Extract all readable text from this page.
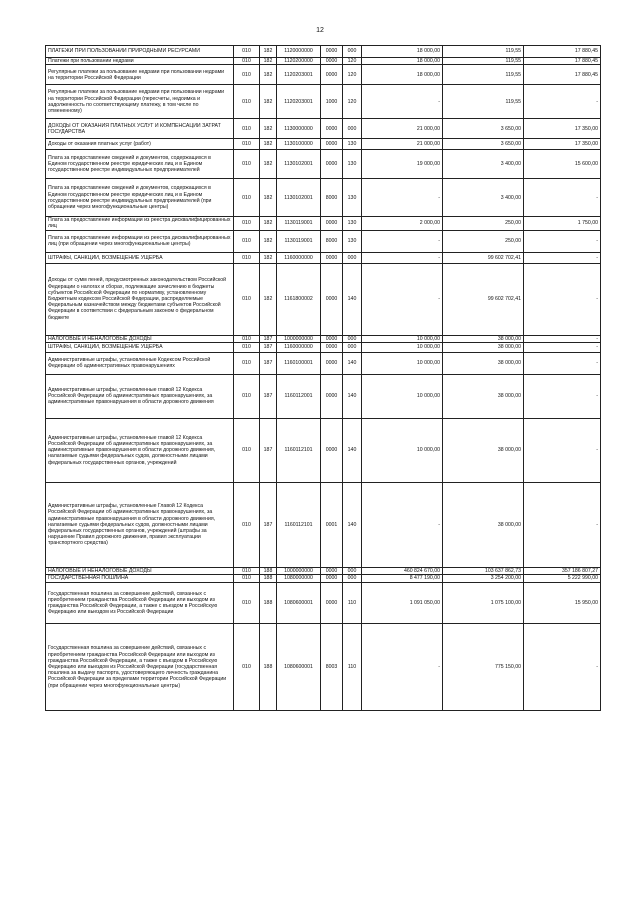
12
ПЛАТЕЖИ ПРИ ПОЛЬЗОВАНИИ ПРИРОДНЫМИ РЕСУРСАМИ	010	182	1120000000	0000	000	18 000,00	119,55	17 880,45
Платежи при пользовании недрами	010	182	1120200000	0000	120	18 000,00	119,55	17 880,45
Регулярные платежи за пользование недрами при пользовании недрами на территории Российской Федерации	010	182	1120203001	0000	120	18 000,00	119,55	17 880,45
Регулярные платежи за пользование недрами при пользовании недрами на территории Российской Федерации (пересчеты, недоимка и задолженность по соответствующему платежу, в том числе по отмененному)	010	182	1120203001	1000	120	-	119,55	-
ДОХОДЫ ОТ ОКАЗАНИЯ ПЛАТНЫХ УСЛУГ И КОМПЕНСАЦИИ ЗАТРАТ ГОСУДАРСТВА	010	182	1130000000	0000	000	21 000,00	3 650,00	17 350,00
Доходы от оказания платных услуг (работ)	010	182	1130100000	0000	130	21 000,00	3 650,00	17 350,00
Плата за предоставление сведений и документов, содержащихся в Едином государственном реестре юридических лиц и в Едином государственном реестре индивидуальных предпринимателей	010	182	1130102001	0000	130	19 000,00	3 400,00	15 600,00
Плата за предоставление сведений и документов, содержащихся в Едином государственном реестре юридических лиц и в Едином государственном реестре индивидуальных предпринимателей (при обращении через многофункциональные центры)	010	182	1130102001	8000	130	-	3 400,00	-
Плата за предоставление информации из реестра дисквалифицированных лиц	010	182	1130119001	0000	130	2 000,00	250,00	1 750,00
Плата за предоставление информации из реестра дисквалифицированных лиц (при обращении через многофункциональные центры)	010	182	1130119001	8000	130	-	250,00	-
ШТРАФЫ, САНКЦИИ, ВОЗМЕЩЕНИЕ УЩЕРБА	010	182	1160000000	0000	000	-	99 602 702,41	-
Доходы от сумм пеней, предусмотренных законодательством Российской Федерации о налогах и сборах, подлежащие зачислению в бюджеты субъектов Российской Федерации по нормативу, установленному Бюджетным кодексом Российской Федерации, распределяемые Федеральным казначейством между бюджетами субъектов Российской Федерации в соответствии с федеральным законом о федеральном бюджете	010	182	1161800002	0000	140	-	99 602 702,41	-
НАЛОГОВЫЕ И НЕНАЛОГОВЫЕ ДОХОДЫ	010	187	1000000000	0000	000	10 000,00	38 000,00	-
ШТРАФЫ, САНКЦИИ, ВОЗМЕЩЕНИЕ УЩЕРБА	010	187	1160000000	0000	000	10 000,00	38 000,00	-
Административные штрафы, установленные Кодексом Российской Федерации об административных правонарушениях	010	187	1160100001	0000	140	10 000,00	38 000,00	-
Административные штрафы, установленные главой 12 Кодекса Российской Федерации об административных правонарушениях, за административные правонарушения в области дорожного движения	010	187	1160112001	0000	140	10 000,00	38 000,00	-
Административные штрафы, установленные главой 12 Кодекса Российской Федерации об административных правонарушениях, за административные правонарушения в области дорожного движения, налагаемые судьями федеральных судов, должностными лицами федеральных государственных органов, учреждений	010	187	1160112101	0000	140	10 000,00	38 000,00	-
Административные штрафы, установленные Главой 12 Кодекса Российской Федерации об административных правонарушениях, за административные правонарушения в области дорожного движения, налагаемые судьями федеральных судов, должностными лицами федеральных государственных органов, учреждений (штрафы за нарушение Правил дорожного движения, правил эксплуатации транспортного средства)	010	187	1160112101	0001	140	-	38 000,00	-
НАЛОГОВЫЕ И НЕНАЛОГОВЫЕ ДОХОДЫ	010	188	1000000000	0000	000	460 824 670,00	103 637 862,73	357 186 807,27
ГОСУДАРСТВЕННАЯ ПОШЛИНА	010	188	1080000000	0000	000	8 477 190,00	3 254 200,00	5 222 990,00
Государственная пошлина за совершение действий, связанных с приобретением гражданства Российской Федерации или выходом из гражданства Российской Федерации, а также с въездом в Российскую Федерацию или выездом из Российской Федерации	010	188	1080600001	0000	110	1 091 050,00	1 075 100,00	15 950,00
Государственная пошлина за совершение действий, связанных с приобретением гражданства Российской Федерации или выходом из гражданства Российской Федерации, а также с въездом в Российскую Федерацию или выездом из Российской Федерации (государственная пошлина за выдачу паспорта, удостоверяющего личность гражданина Российской Федерации за пределами территории Российской Федерации (при обращении через многофункциональные центры)	010	188	1080600001	8003	110	-	775 150,00	-
